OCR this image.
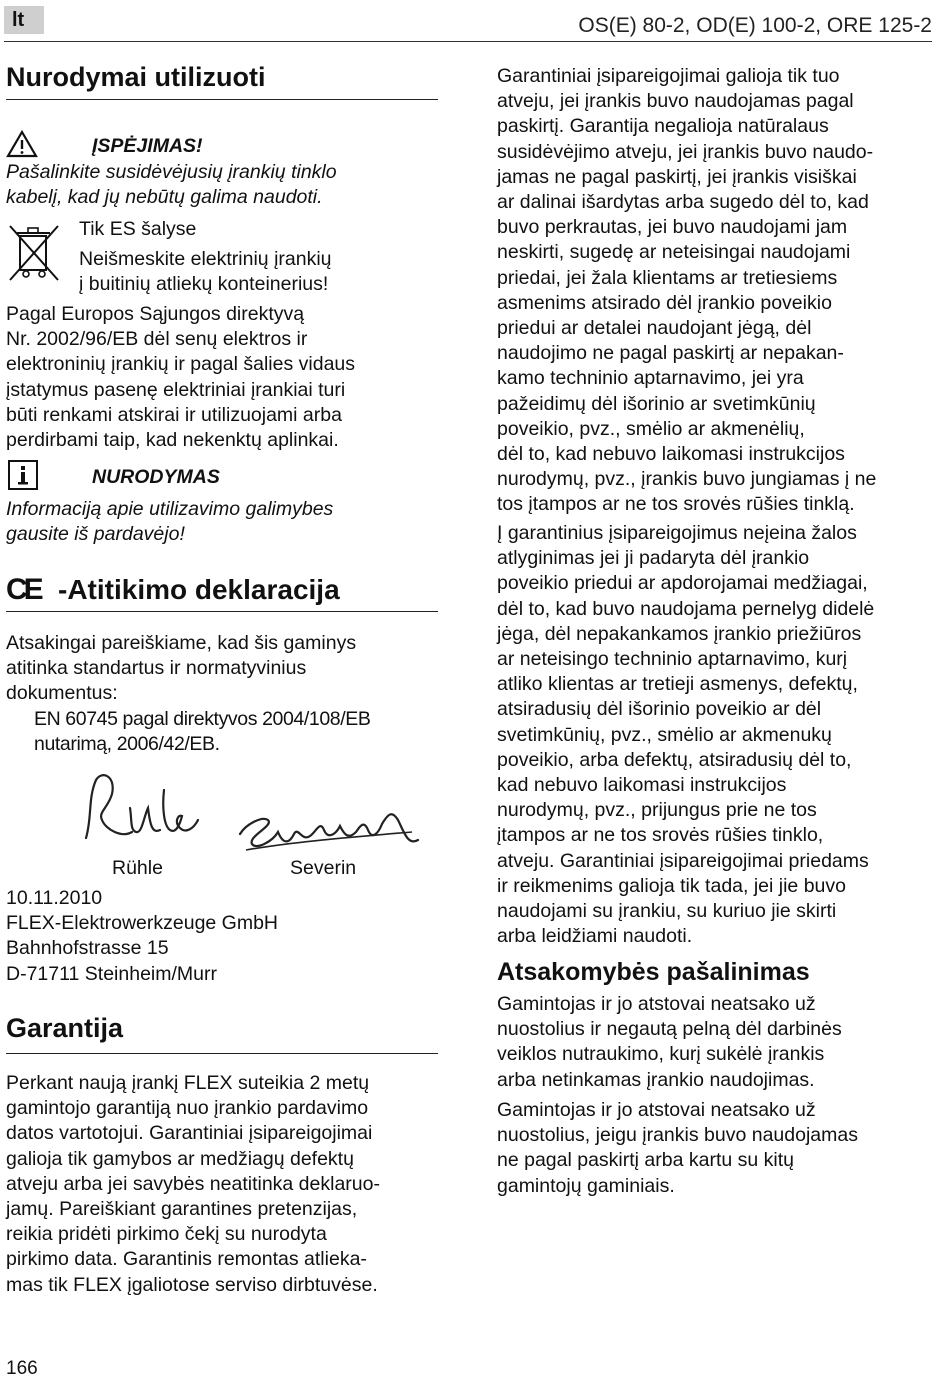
lt	OS(E) 80-2, OD(E) 100-2, ORE 125-2
Nurodymai utilizuoti
ĮSPĖJIMAS!
Pašalinkite susidėvėjusių įrankių tinklo
kabelį, kad jų nebūtų galima naudoti.
Tik ES šalyse
Neišmeskite elektrinių įrankių
į buitinių atliekų konteinerius!
Pagal Europos Sąjungos direktyvą
Nr. 2002/96/EB dėl senų elektros ir
elektroninių įrankių ir pagal šalies vidaus
įstatymus pasenę elektriniai įrankiai turi
būti renkami atskirai ir utilizuojami arba
perdirbami taip, kad nekenktų aplinkai.
NURODYMAS
Informaciją apie utilizavimo galimybes
gausite iš pardavėjo!
CE -Atitikimo deklaracija
Atsakingai pareiškiame, kad šis gaminys
atitinka standartus ir normatyvinius
dokumentus:
EN 60745 pagal direktyvos 2004/108/EB
nutarimą, 2006/42/EB.
Rühle	Severin
10.11.2010
FLEX-Elektrowerkzeuge GmbH
Bahnhofstrasse 15
D-71711 Steinheim/Murr
Garantija
Perkant naują įrankį FLEX suteikia 2 metų
gamintojo garantiją nuo įrankio pardavimo
datos vartotojui. Garantiniai įsipareigojimai
galioja tik gamybos ar medžiagų defektų
atveju arba jei savybės neatitinka deklaruo-
jamų. Pareiškiant garantines pretenzijas,
reikia pridėti pirkimo čekį su nurodyta
pirkimo data. Garantinis remontas atlieka-
mas tik FLEX įgaliotose serviso dirbtuvėse.
Garantiniai įsipareigojimai galioja tik tuo
atveju, jei įrankis buvo naudojamas pagal
paskirtį. Garantija negalioja natūralaus
susidėvėjimo atveju, jei įrankis buvo naudo-
jamas ne pagal paskirtį, jei įrankis visiškai
ar dalinai išardytas arba sugedo dėl to, kad
buvo perkrautas, jei buvo naudojami jam
neskirti, sugedę ar neteisingai naudojami
priedai, jei žala klientams ar tretiesiems
asmenims atsirado dėl įrankio poveikio
priedui ar detalei naudojant jėgą, dėl
naudojimo ne pagal paskirtį ar nepakan-
kamo techninio aptarnavimo, jei yra
pažeidimų dėl išorinio ar svetimkūnių
poveikio, pvz., smėlio ar akmenėlių,
dėl to, kad nebuvo laikomasi instrukcijos
nurodymų, pvz., įrankis buvo jungiamas į ne
tos įtampos ar ne tos srovės rūšies tinklą.
Į garantinius įsipareigojimus neįeina žalos
atlyginimas jei ji padaryta dėl įrankio
poveikio priedui ar apdorojamai medžiagai,
dėl to, kad buvo naudojama pernelyg didelė
jėga, dėl nepakankamos įrankio priežiūros
ar neteisingo techninio aptarnavimo, kurį
atliko klientas ar tretieji asmenys, defektų,
atsiradusių dėl išorinio poveikio ar dėl
svetimkūnių, pvz., smėlio ar akmenukų
poveikio, arba defektų, atsiradusių dėl to,
kad nebuvo laikomasi instrukcijos
nurodymų, pvz., prijungus prie ne tos
įtampos ar ne tos srovės rūšies tinklo,
atveju. Garantiniai įsipareigojimai priedams
ir reikmenims galioja tik tada, jei jie buvo
naudojami su įrankiu, su kuriuo jie skirti
arba leidžiami naudoti.
Atsakomybės pašalinimas
Gamintojas ir jo atstovai neatsako už
nuostolius ir negautą pelną dėl darbinės
veiklos nutraukimo, kurį sukėlė įrankis
arba netinkamas įrankio naudojimas.
Gamintojas ir jo atstovai neatsako už
nuostolius, jeigu įrankis buvo naudojamas
ne pagal paskirtį arba kartu su kitų
gamintojų gaminiais.
166
